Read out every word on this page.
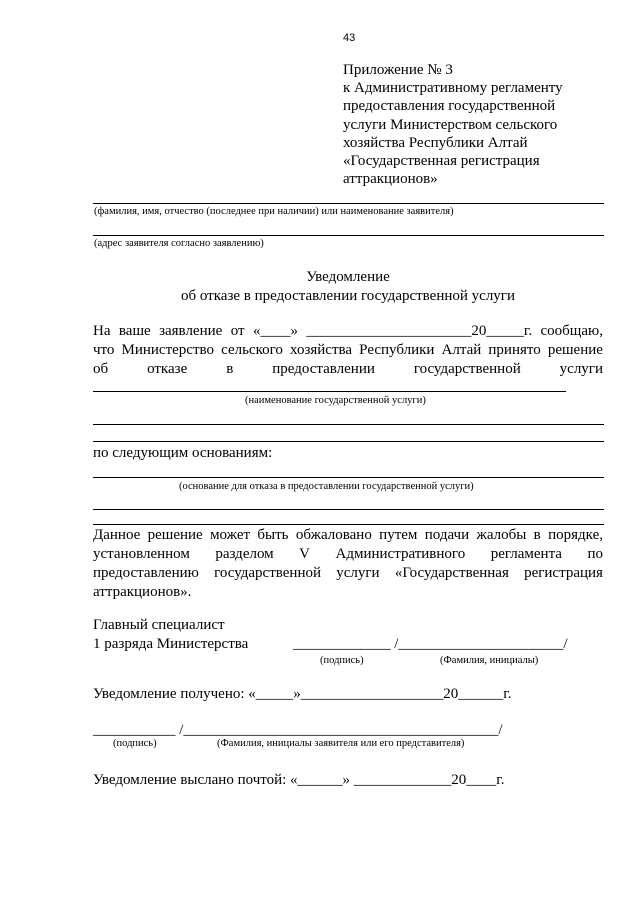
43
Приложение № 3
к Административному регламенту
предоставления государственной
услуги Министерством сельского
хозяйства Республики Алтай
«Государственная регистрация
аттракционов»
(фамилия, имя, отчество (последнее при наличии) или наименование заявителя)
(адрес заявителя согласно заявлению)
Уведомление
об отказе в предоставлении государственной услуги
На ваше заявление от «____» ______________________20_____г. сообщаю,
что Министерство сельского хозяйства Республики Алтай принято решение
об	отказе	в	предоставлении	государственной	услуги
(наименование государственной услуги)
по следующим основаниям:
(основание для отказа в предоставлении государственной услуги)
Данное решение может быть обжаловано путем подачи жалобы в порядке,
установленном разделом V Административного регламента по
предоставлению государственной услуги «Государственная регистрация
аттракционов».
Главный специалист
1 разряда Министерства	_____________ /______________________/
(подпись)	(Фамилия, инициалы)
Уведомление получено: «_____»___________________20______г.
___________ /__________________________________________/
(подпись)	(Фамилия, инициалы заявителя или его представителя)
Уведомление выслано почтой: «______» _____________20____г.
